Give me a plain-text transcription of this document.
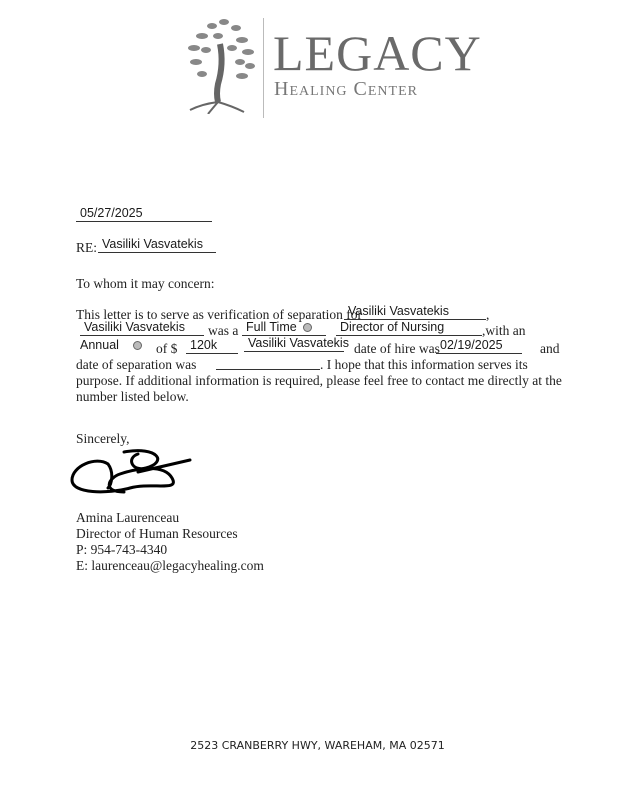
LEGACY
Healing Center
05/27/2025
RE: Vasiliki Vasvatekis
To whom it may concern:
This letter is to serve as verification of separation for
Vasiliki Vasvatekis	,
Vasiliki Vasvatekis	was a Full Time	Director of Nursing	,with an
Annual	of $	120k	Vasiliki Vasvatekis date of hire was 02/19/2025	and
date of separation was	. I hope that this information serves its
purpose. If additional information is required, please feel free to contact me directly at the
number listed below.
Sincerely,
Amina Laurenceau
Director of Human Resources
P: 954-743-4340
E: laurenceau@legacyhealing.com
2523 CRANBERRY HWY, WAREHAM, MA 02571
